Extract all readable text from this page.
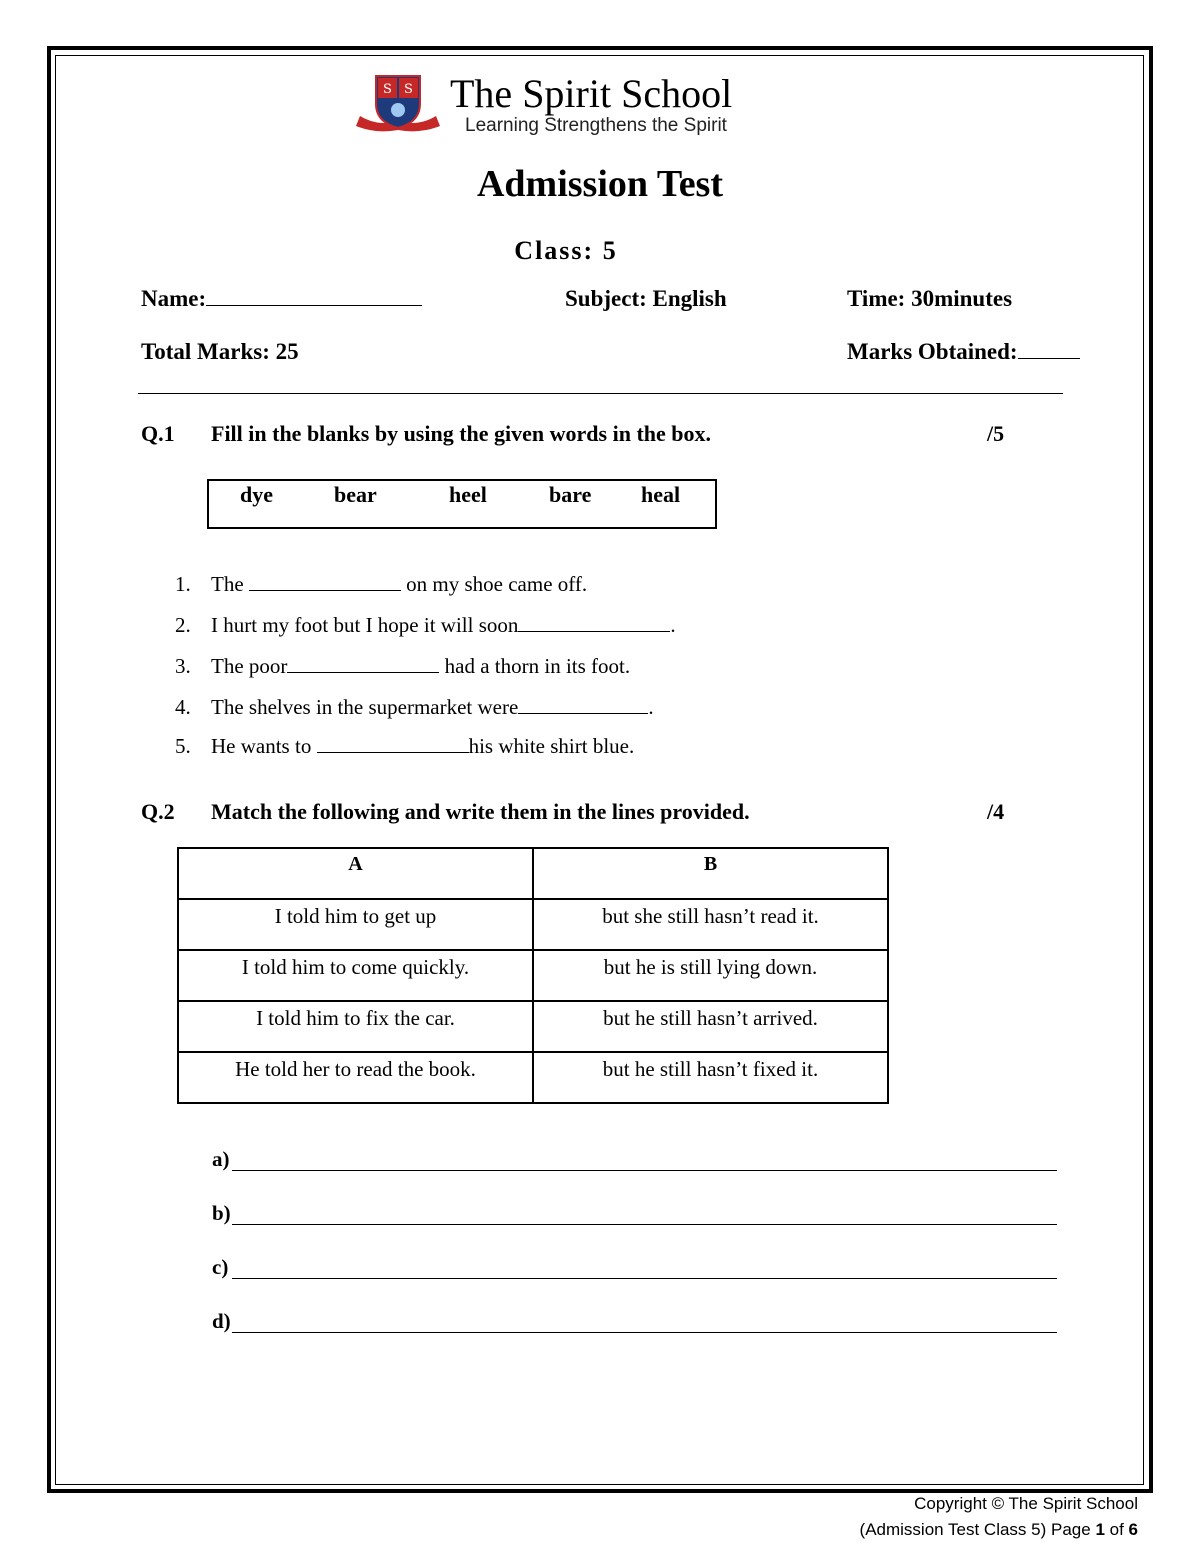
S S The Spirit School
Learning Strengthens the Spirit
Admission Test
Class: 5
Name:	Subject: English	Time: 30minutes
Total Marks: 25	Marks Obtained:
Q.1 Fill in the blanks by using the given words in the box.	/5
dye	bear	heel	bare heal
1. The	on my shoe came off.
2. I hurt my foot but I hope it will soon	.
3. The poor	had a thorn in its foot.
4. The shelves in the supermarket were	.
5. He wants to	his white shirt blue.
Q.2 Match the following and write them in the lines provided.	/4
A	B
I told him to get up	but she still hasn’t read it.
I told him to come quickly.	but he is still lying down.
I told him to fix the car.	but he still hasn’t arrived.
He told her to read the book.	but he still hasn’t fixed it.
a)
b)
c)
d)
Copyright © The Spirit School
(Admission Test Class 5) Page 1 of 6
